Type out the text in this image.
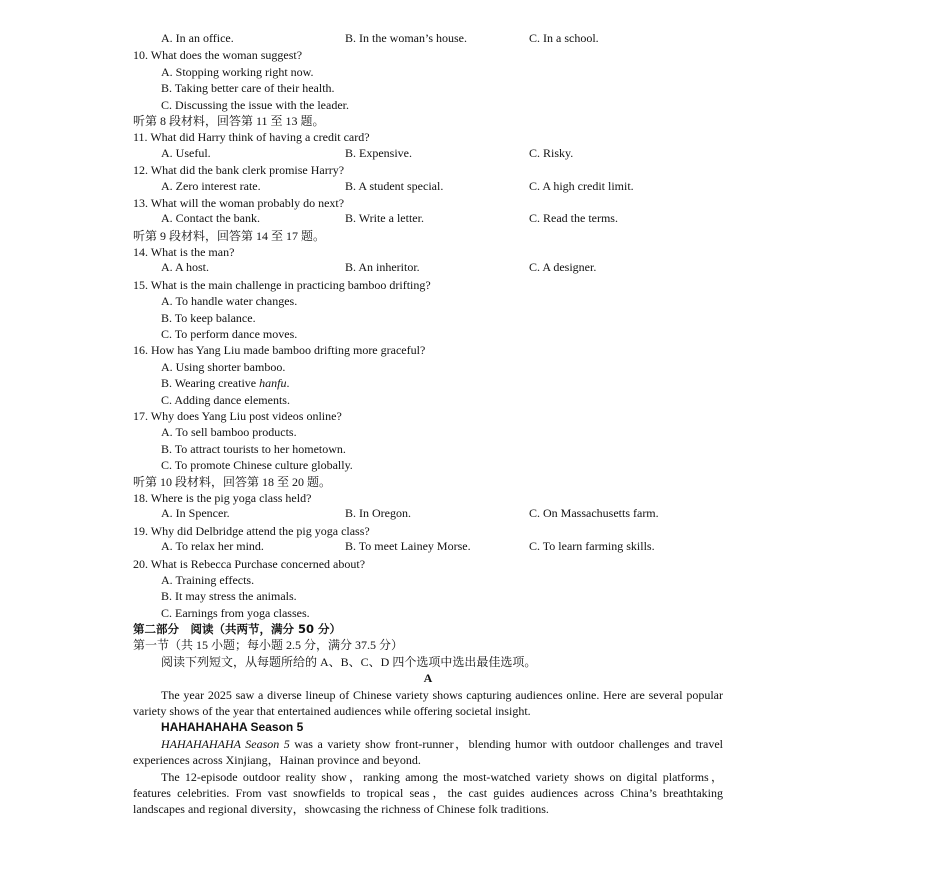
A. In an office.	B. In the woman’s house.	C. In a school.
10. What does the woman suggest?
A. Stopping working right now.
B. Taking better care of their health.
C. Discussing the issue with the leader.
听第 8 段材料，回答第 11 至 13 题。
11. What did Harry think of having a credit card?
A. Useful.	B. Expensive.	C. Risky.
12. What did the bank clerk promise Harry?
A. Zero interest rate.	B. A student special.	C. A high credit limit.
13. What will the woman probably do next?
A. Contact the bank.	B. Write a letter.	C. Read the terms.
听第 9 段材料，回答第 14 至 17 题。
14. What is the man?
A. A host.	B. An inheritor.	C. A designer.
15. What is the main challenge in practicing bamboo drifting?
A. To handle water changes.
B. To keep balance.
C. To perform dance moves.
16. How has Yang Liu made bamboo drifting more graceful?
A. Using shorter bamboo.
B. Wearing creative hanfu.
C. Adding dance elements.
17. Why does Yang Liu post videos online?
A. To sell bamboo products.
B. To attract tourists to her hometown.
C. To promote Chinese culture globally.
听第 10 段材料，回答第 18 至 20 题。
18. Where is the pig yoga class held?
A. In Spencer.	B. In Oregon.	C. On Massachusetts farm.
19. Why did Delbridge attend the pig yoga class?
A. To relax her mind.	B. To meet Lainey Morse.	C. To learn farming skills.
20. What is Rebecca Purchase concerned about?
A. Training effects.
B. It may stress the animals.
C. Earnings from yoga classes.
第二部分　阅读（共两节，满分 50 分）
第一节（共 15 小题；每小题 2.5 分，满分 37.5 分）
阅读下列短文，从每题所给的 A、B、C、D 四个选项中选出最佳选项。
A
The year 2025 saw a diverse lineup of Chinese variety shows capturing audiences online. Here are several popular variety shows of the year that entertained audiences while offering societal insight.
HAHAHAHAHA Season 5
HAHAHAHAHA Season 5 was a variety show front-runner，blending humor with outdoor challenges and travel experiences across Xinjiang，Hainan province and beyond.
The 12-episode outdoor reality show，ranking among the most-watched variety shows on digital platforms，features celebrities. From vast snowfields to tropical seas，the cast guides audiences across China’s breathtaking landscapes and regional diversity，showcasing the richness of Chinese folk traditions.
